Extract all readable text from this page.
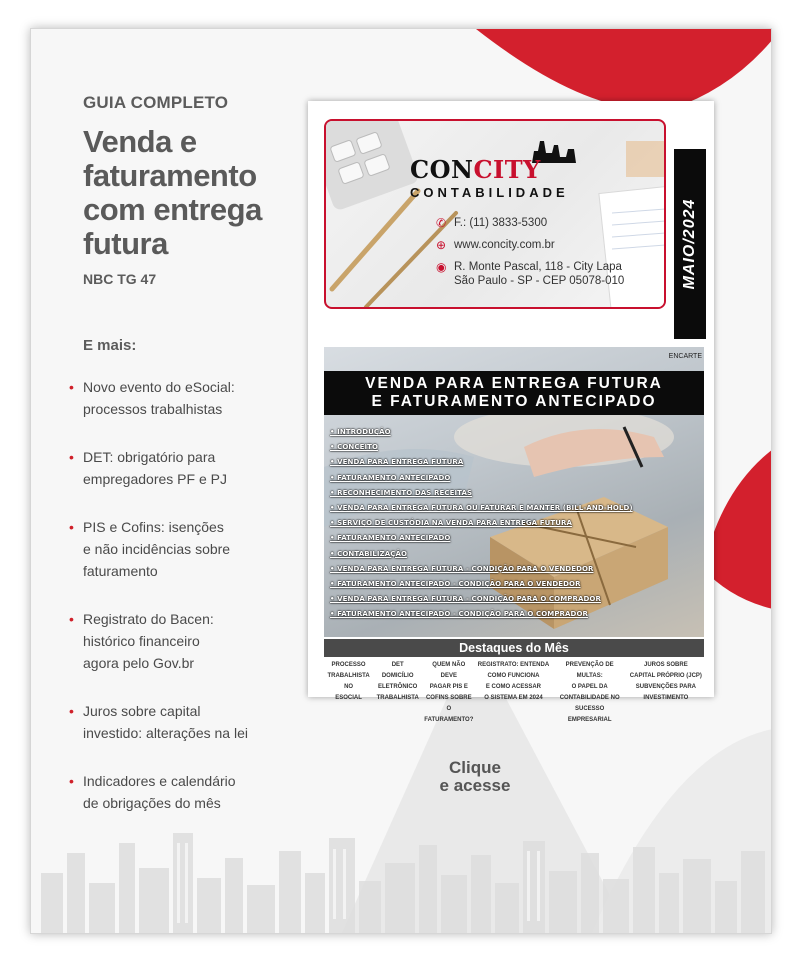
GUIA COMPLETO
Venda e
faturamento
com entrega
futura
NBC TG 47
E mais:
• Novo evento do eSocial:
processos trabalhistas
• DET: obrigatório para
empregadores PF e PJ
• PIS e Cofins: isenções
e não incidências sobre
faturamento
• Registrato do Bacen:
histórico financeiro
agora pelo Gov.br
• Juros sobre capital
investido: alterações na lei
• Indicadores e calendário
de obrigações do mês
CONCITY
CONTABILIDADE
✆ F.: (11) 3833-5300
⊕ www.concity.com.br
◉ R. Monte Pascal, 118 - City Lapa
São Paulo - SP - CEP 05078-010	MAIO/2024
VENDA PARA ENTREGA FUTURA
E FATURAMENTO ANTECIPADO
• INTRODUÇÃO
• CONCEITO
• VENDA PARA ENTREGA FUTURA
• FATURAMENTO ANTECIPADO
• RECONHECIMENTO DAS RECEITAS
• VENDA PARA ENTREGA FUTURA OU FATURAR E MANTER (BILL-AND-HOLD)
• SERVIÇO DE CUSTÓDIA NA VENDA PARA ENTREGA FUTURA
• FATURAMENTO ANTECIPADO
• CONTABILIZAÇÃO
• VENDA PARA ENTREGA FUTURA - CONDIÇÃO PARA O VENDEDOR
• FATURAMENTO ANTECIPADO - CONDIÇÃO PARA O VENDEDOR
• VENDA PARA ENTREGA FUTURA - CONDIÇÃO PARA O COMPRADOR
• FATURAMENTO ANTECIPADO - CONDIÇÃO PARA O COMPRADOR
ENCARTE
Destaques do Mês
PROCESSO
TRABALHISTA
NO
ESOCIAL
DET
DOMICÍLIO
ELETRÔNICO
TRABALHISTA
QUEM NÃO DEVE
PAGAR PIS E
COFINS SOBRE
O FATURAMENTO?
REGISTRATO: ENTENDA
COMO FUNCIONA
E COMO ACESSAR
O SISTEMA EM 2024
PREVENÇÃO DE MULTAS:
O PAPEL DA
CONTABILIDADE NO
SUCESSO EMPRESARIAL
JUROS SOBRE
CAPITAL PRÓPRIO (JCP)
SUBVENÇÕES PARA
INVESTIMENTO
Clique
e acesse
